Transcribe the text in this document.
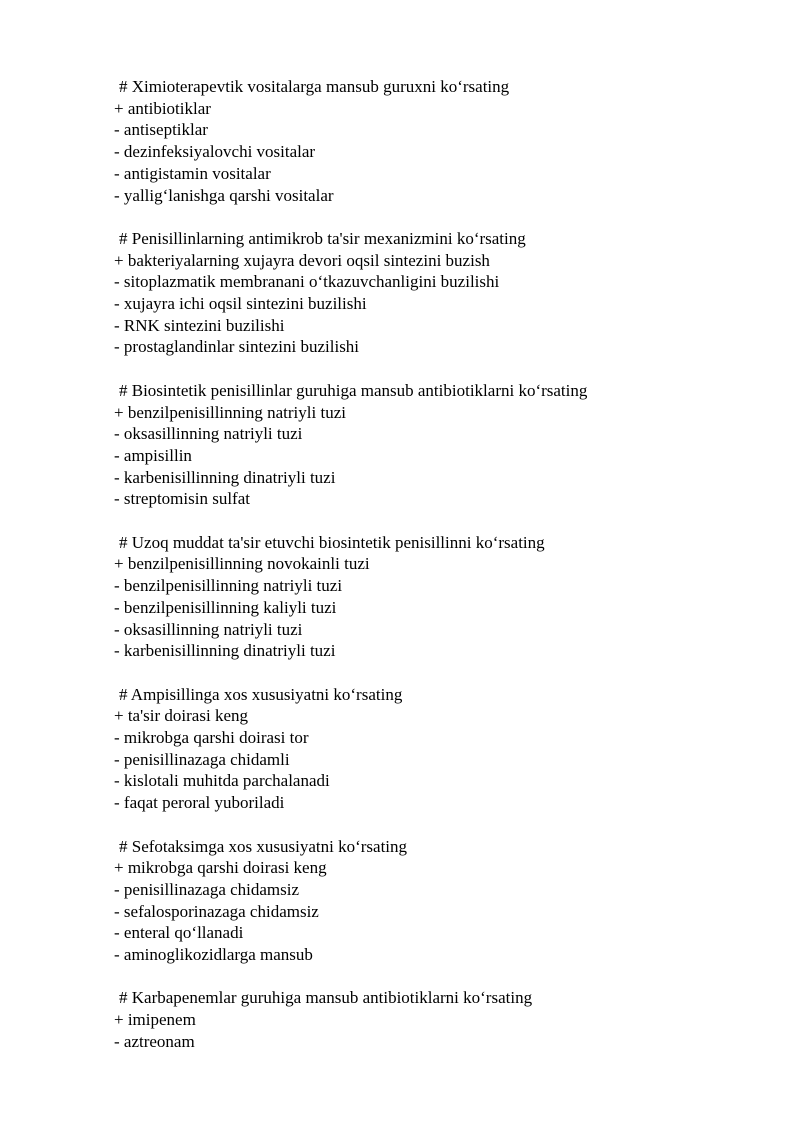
# Ximioterapevtik vositalarga mansub guruxni koʻrsating
+ antibiotiklar
- antiseptiklar
- dezinfeksiyalovchi vositalar
- antigistamin vositalar
- yalligʻlanishga qarshi vositalar
# Penisillinlarning antimikrob ta'sir mexanizmini koʻrsating
+ bakteriyalarning xujayra devori oqsil sintezini buzish
- sitoplazmatik membranani oʻtkazuvchanligini buzilishi
- xujayra ichi oqsil sintezini buzilishi
- RNK sintezini buzilishi
- prostaglandinlar sintezini buzilishi
# Biosintetik penisillinlar guruhiga mansub antibiotiklarni koʻrsating
+ benzilpenisillinning natriyli tuzi
- oksasillinning natriyli tuzi
- ampisillin
- karbenisillinning dinatriyli tuzi
- streptomisin sulfat
# Uzoq muddat ta'sir etuvchi biosintetik penisillinni koʻrsating
+ benzilpenisillinning novokainli tuzi
- benzilpenisillinning natriyli tuzi
- benzilpenisillinning kaliyli tuzi
- oksasillinning natriyli tuzi
- karbenisillinning dinatriyli tuzi
# Ampisillinga xos xususiyatni koʻrsating
+ ta'sir doirasi keng
- mikrobga qarshi doirasi tor
- penisillinazaga chidamli
- kislotali muhitda parchalanadi
- faqat peroral yuboriladi
# Sefotaksimga xos xususiyatni koʻrsating
+ mikrobga qarshi doirasi keng
- penisillinazaga chidamsiz
- sefalosporinazaga chidamsiz
- enteral qoʻllanadi
- aminoglikozidlarga mansub
# Karbapenemlar guruhiga mansub antibiotiklarni koʻrsating
+ imipenem
- aztreonam
